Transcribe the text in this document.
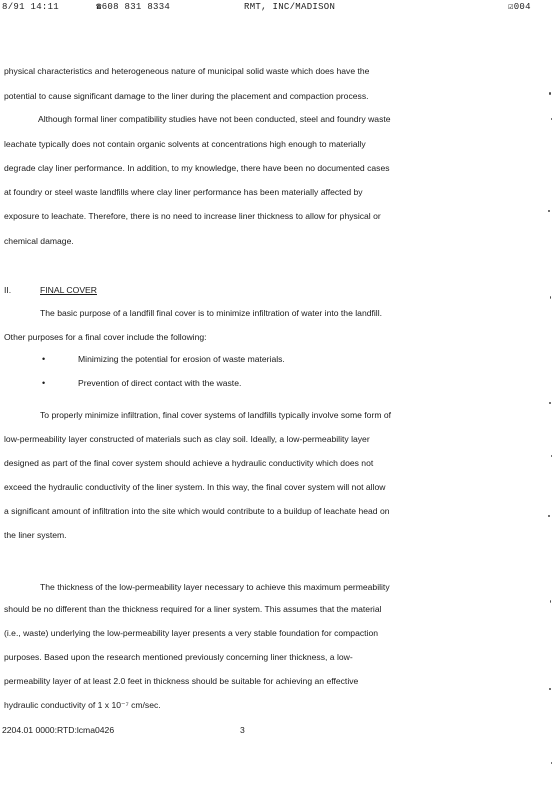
8/91 14:11	☎608 831 8334	RMT, INC/MADISON	☑004
physical characteristics and heterogeneous nature of municipal solid waste which does have the
potential to cause significant damage to the liner during the placement and compaction process.
Although formal liner compatibility studies have not been conducted, steel and foundry waste
leachate typically does not contain organic solvents at concentrations high enough to materially
degrade clay liner performance. In addition, to my knowledge, there have been no documented cases
at foundry or steel waste landfills where clay liner performance has been materially affected by
exposure to leachate. Therefore, there is no need to increase liner thickness to allow for physical or
chemical damage.
II.	FINAL COVER
The basic purpose of a landfill final cover is to minimize infiltration of water into the landfill.
Other purposes for a final cover include the following:
•	Minimizing the potential for erosion of waste materials.
•	Prevention of direct contact with the waste.
To properly minimize infiltration, final cover systems of landfills typically involve some form of
low-permeability layer constructed of materials such as clay soil. Ideally, a low-permeability layer
designed as part of the final cover system should achieve a hydraulic conductivity which does not
exceed the hydraulic conductivity of the liner system. In this way, the final cover system will not allow
a significant amount of infiltration into the site which would contribute to a buildup of leachate head on
the liner system.
The thickness of the low-permeability layer necessary to achieve this maximum permeability
should be no different than the thickness required for a liner system. This assumes that the material
(i.e., waste) underlying the low-permeability layer presents a very stable foundation for compaction
purposes. Based upon the research mentioned previously concerning liner thickness, a low-
permeability layer of at least 2.0 feet in thickness should be suitable for achieving an effective
hydraulic conductivity of 1 x 10⁻⁷ cm/sec.
2204.01 0000:RTD:lcma0426	3
